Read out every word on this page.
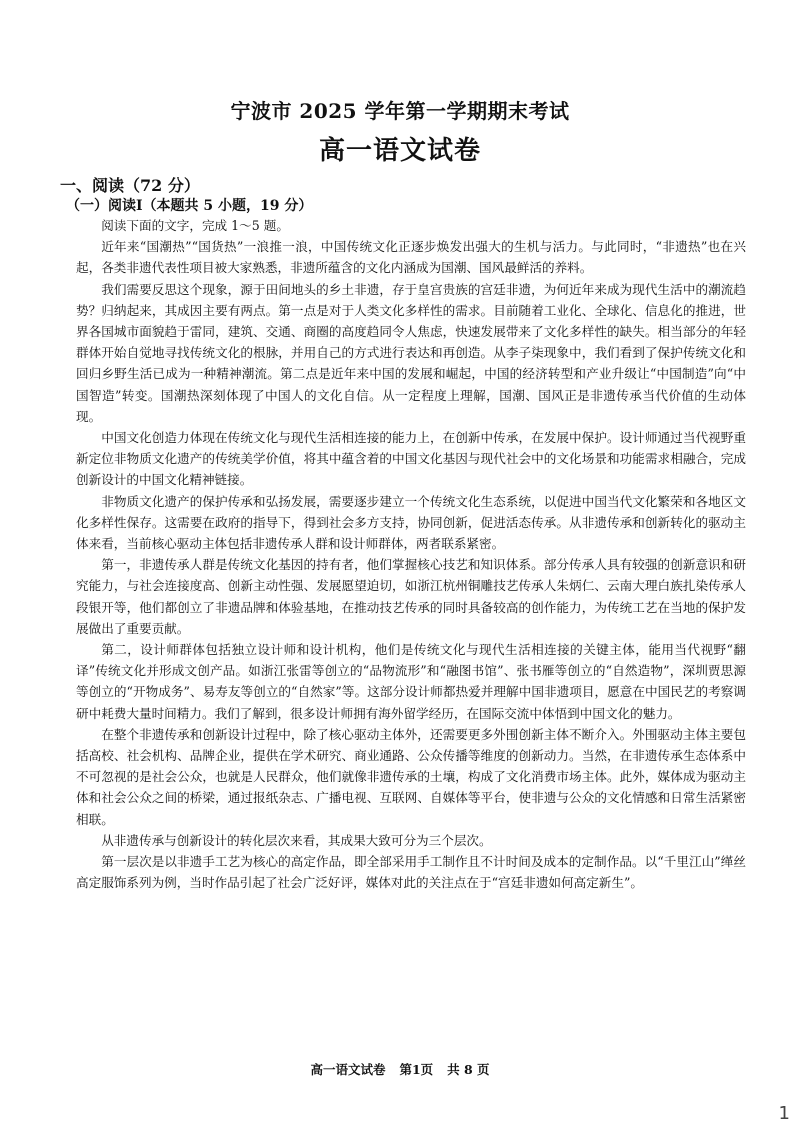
宁波市 2025 学年第一学期期末考试
高一语文试卷
一、阅读（72 分）
（一）阅读Ⅰ（本题共 5 小题，19 分）

阅读下面的文字，完成 1～5 题。

近年来“国潮热”“国货热”一浪推一浪，中国传统文化正逐步焕发出强大的生机与活力。与此同时，“非遗热”也在兴起，各类非遗代表性项目被大家熟悉，非遗所蕴含的文化内涵成为国潮、国风最鲜活的养料。

我们需要反思这个现象，源于田间地头的乡土非遗，存于皇宫贵族的宫廷非遗，为何近年来成为现代生活中的潮流趋势？归纳起来，其成因主要有两点。第一点是对于人类文化多样性的需求。目前随着工业化、全球化、信息化的推进，世界各国城市面貌趋于雷同，建筑、交通、商圈的高度趋同令人焦虑，快速发展带来了文化多样性的缺失。相当部分的年轻群体开始自觉地寻找传统文化的根脉，并用自己的方式进行表达和再创造。从李子柒现象中，我们看到了保护传统文化和回归乡野生活已成为一种精神潮流。第二点是近年来中国的发展和崛起，中国的经济转型和产业升级让“中国制造”向“中国智造”转变。国潮热深刻体现了中国人的文化自信。从一定程度上理解，国潮、国风正是非遗传承当代价值的生动体现。

中国文化创造力体现在传统文化与现代生活相连接的能力上，在创新中传承，在发展中保护。设计师通过当代视野重新定位非物质文化遗产的传统美学价值，将其中蕴含着的中国文化基因与现代社会中的文化场景和功能需求相融合，完成创新设计的中国文化精神链接。

非物质文化遗产的保护传承和弘扬发展，需要逐步建立一个传统文化生态系统，以促进中国当代文化繁荣和各地区文化多样性保存。这需要在政府的指导下，得到社会多方支持，协同创新，促进活态传承。从非遗传承和创新转化的驱动主体来看，当前核心驱动主体包括非遗传承人群和设计师群体，两者联系紧密。

第一，非遗传承人群是传统文化基因的持有者，他们掌握核心技艺和知识体系。部分传承人具有较强的创新意识和研究能力，与社会连接度高、创新主动性强、发展愿望迫切，如浙江杭州铜雕技艺传承人朱炳仁、云南大理白族扎染传承人段银开等，他们都创立了非遗品牌和体验基地，在推动技艺传承的同时具备较高的创作能力，为传统工艺在当地的保护发展做出了重要贡献。

第二，设计师群体包括独立设计师和设计机构，他们是传统文化与现代生活相连接的关键主体，能用当代视野“翻译”传统文化并形成文创产品。如浙江张雷等创立的“品物流形”和“融图书馆”、张书雁等创立的“自然造物”，深圳贾思源等创立的“开物成务”、易寿友等创立的“自然家”等。这部分设计师都热爱并理解中国非遗项目，愿意在中国民艺的考察调研中耗费大量时间精力。我们了解到，很多设计师拥有海外留学经历，在国际交流中体悟到中国文化的魅力。

在整个非遗传承和创新设计过程中，除了核心驱动主体外，还需要更多外围创新主体不断介入。外围驱动主体主要包括高校、社会机构、品牌企业，提供在学术研究、商业通路、公众传播等维度的创新动力。当然，在非遗传承生态体系中不可忽视的是社会公众，也就是人民群众，他们就像非遗传承的土壤，构成了文化消费市场主体。此外，媒体成为驱动主体和社会公众之间的桥梁，通过报纸杂志、广播电视、互联网、自媒体等平台，使非遗与公众的文化情感和日常生活紧密相联。

从非遗传承与创新设计的转化层次来看，其成果大致可分为三个层次。

第一层次是以非遗手工艺为核心的高定作品，即全部采用手工制作且不计时间及成本的定制作品。以“千里江山”缂丝高定服饰系列为例，当时作品引起了社会广泛好评，媒体对此的关注点在于“宫廷非遗如何高定新生”。

高一语文试卷 第1页 共 8 页
1
